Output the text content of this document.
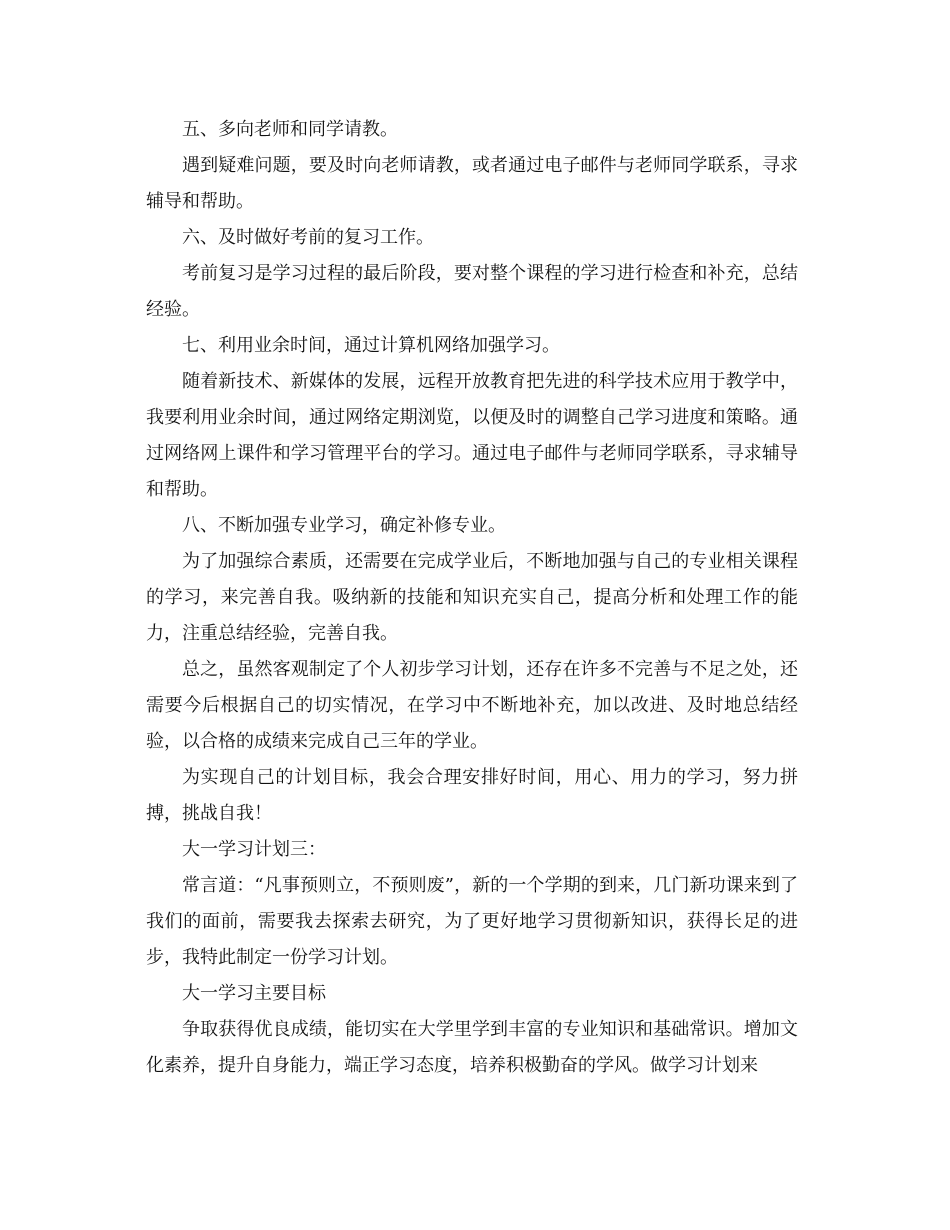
五、多向老师和同学请教。

遇到疑难问题，要及时向老师请教，或者通过电子邮件与老师同学联系，寻求辅导和帮助。

六、及时做好考前的复习工作。

考前复习是学习过程的最后阶段，要对整个课程的学习进行检查和补充，总结经验。

七、利用业余时间，通过计算机网络加强学习。

随着新技术、新媒体的发展，远程开放教育把先进的科学技术应用于教学中，我要利用业余时间，通过网络定期浏览，以便及时的调整自己学习进度和策略。通过网络网上课件和学习管理平台的学习。通过电子邮件与老师同学联系，寻求辅导和帮助。

八、不断加强专业学习，确定补修专业。

为了加强综合素质，还需要在完成学业后，不断地加强与自己的专业相关课程的学习，来完善自我。吸纳新的技能和知识充实自己，提高分析和处理工作的能力，注重总结经验，完善自我。

总之，虽然客观制定了个人初步学习计划，还存在许多不完善与不足之处，还需要今后根据自己的切实情况，在学习中不断地补充，加以改进、及时地总结经验，以合格的成绩来完成自己三年的学业。

为实现自己的计划目标，我会合理安排好时间，用心、用力的学习，努力拼搏，挑战自我！

大一学习计划三：

常言道：“凡事预则立，不预则废”，新的一个学期的到来，几门新功课来到了我们的面前，需要我去探索去研究，为了更好地学习贯彻新知识，获得长足的进步，我特此制定一份学习计划。

大一学习主要目标

争取获得优良成绩，能切实在大学里学到丰富的专业知识和基础常识。增加文化素养，提升自身能力，端正学习态度，培养积极勤奋的学风。做学习计划来
